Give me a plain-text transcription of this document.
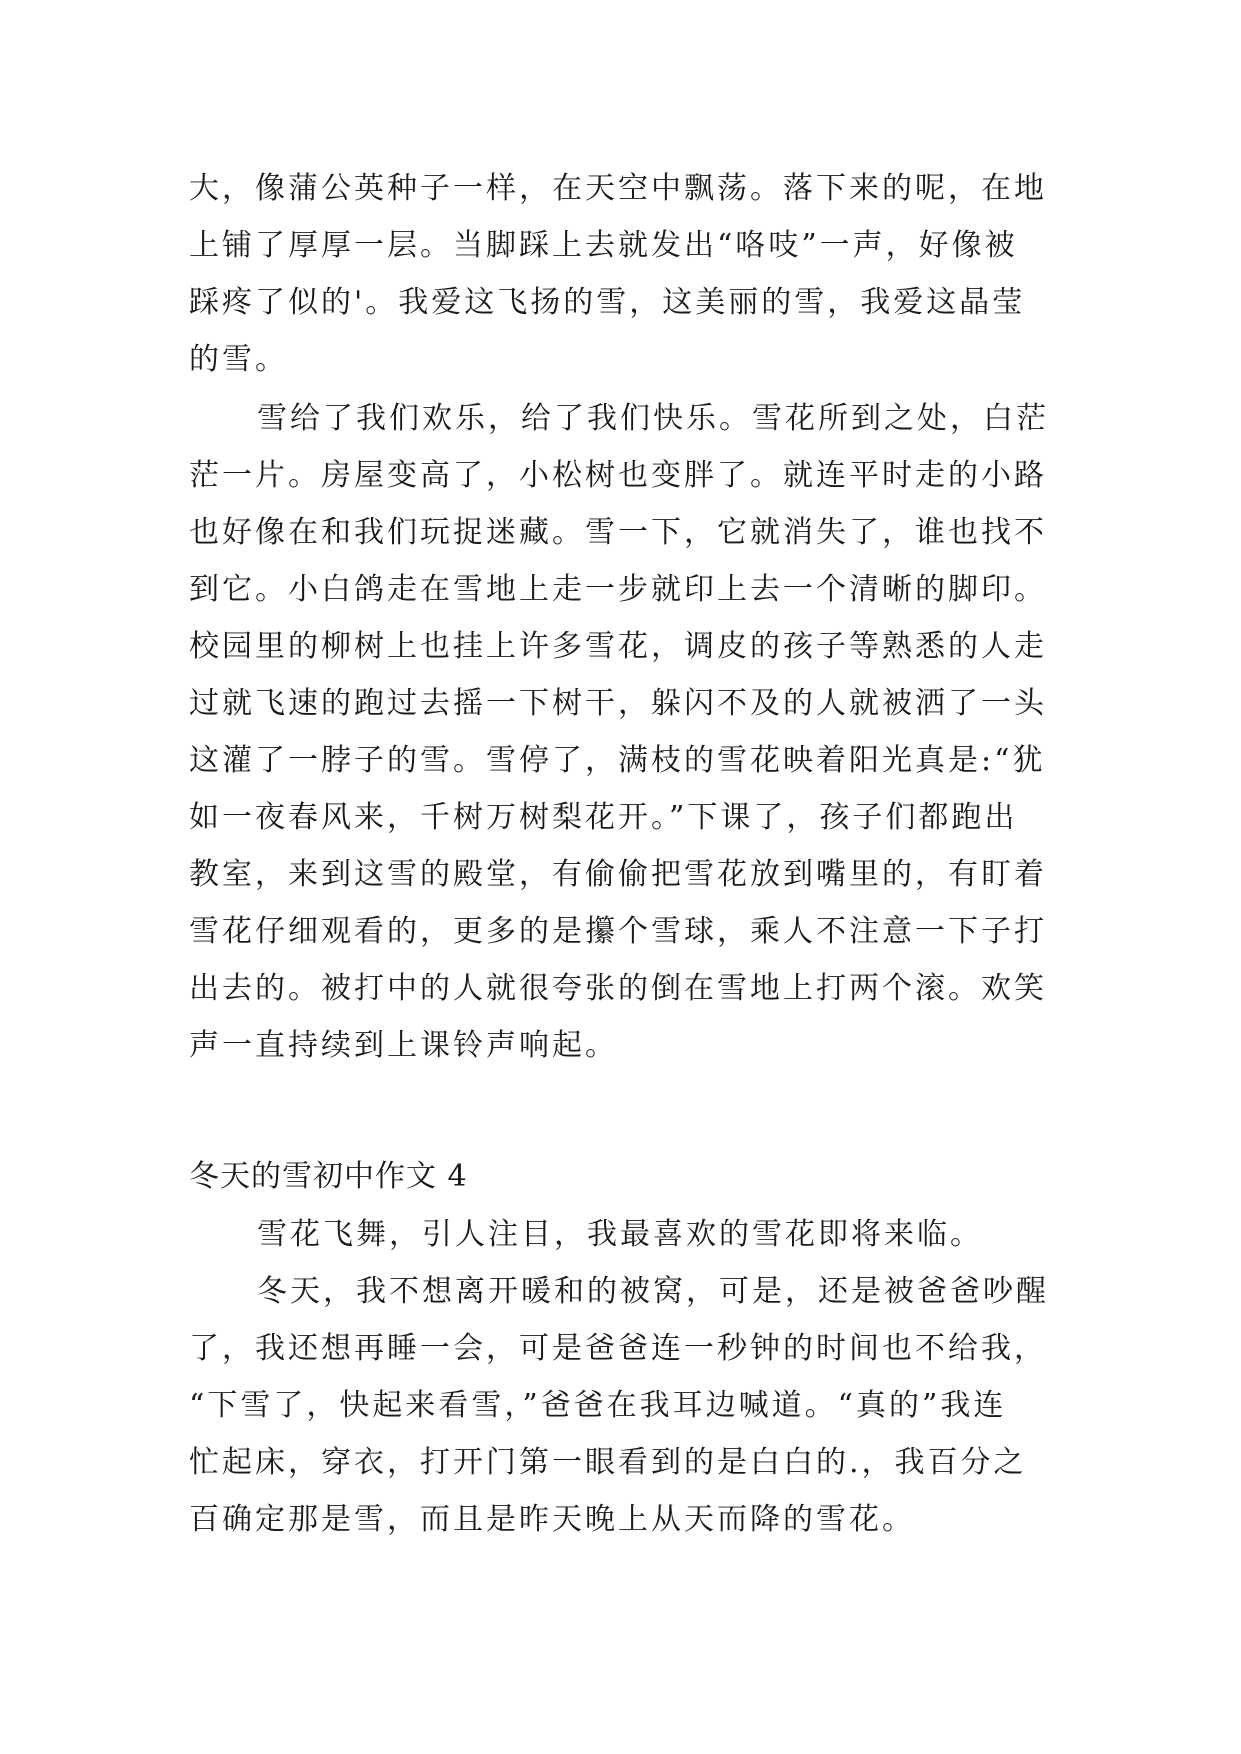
大，像蒲公英种子一样，在天空中飘荡。落下来的呢，在地

上铺了厚厚一层。当脚踩上去就发出“咯吱”一声，好像被

踩疼了似的'。我爱这飞扬的雪，这美丽的雪，我爱这晶莹

的雪。

雪给了我们欢乐，给了我们快乐。雪花所到之处，白茫

茫一片。房屋变高了，小松树也变胖了。就连平时走的小路

也好像在和我们玩捉迷藏。雪一下，它就消失了，谁也找不

到它。小白鸽走在雪地上走一步就印上去一个清晰的脚印。

校园里的柳树上也挂上许多雪花，调皮的孩子等熟悉的人走

过就飞速的跑过去摇一下树干，躲闪不及的人就被洒了一头

这灌了一脖子的雪。雪停了，满枝的雪花映着阳光真是:“犹

如一夜春风来，千树万树梨花开。”下课了，孩子们都跑出

教室，来到这雪的殿堂，有偷偷把雪花放到嘴里的，有盯着

雪花仔细观看的，更多的是攥个雪球，乘人不注意一下子打

出去的。被打中的人就很夸张的倒在雪地上打两个滚。欢笑

声一直持续到上课铃声响起。

冬天的雪初中作文 4

雪花飞舞，引人注目，我最喜欢的雪花即将来临。

冬天，我不想离开暖和的被窝，可是，还是被爸爸吵醒

了，我还想再睡一会，可是爸爸连一秒钟的时间也不给我，

“下雪了，快起来看雪，”爸爸在我耳边喊道。“真的”我连

忙起床，穿衣，打开门第一眼看到的是白白的.，我百分之

百确定那是雪，而且是昨天晚上从天而降的雪花。
